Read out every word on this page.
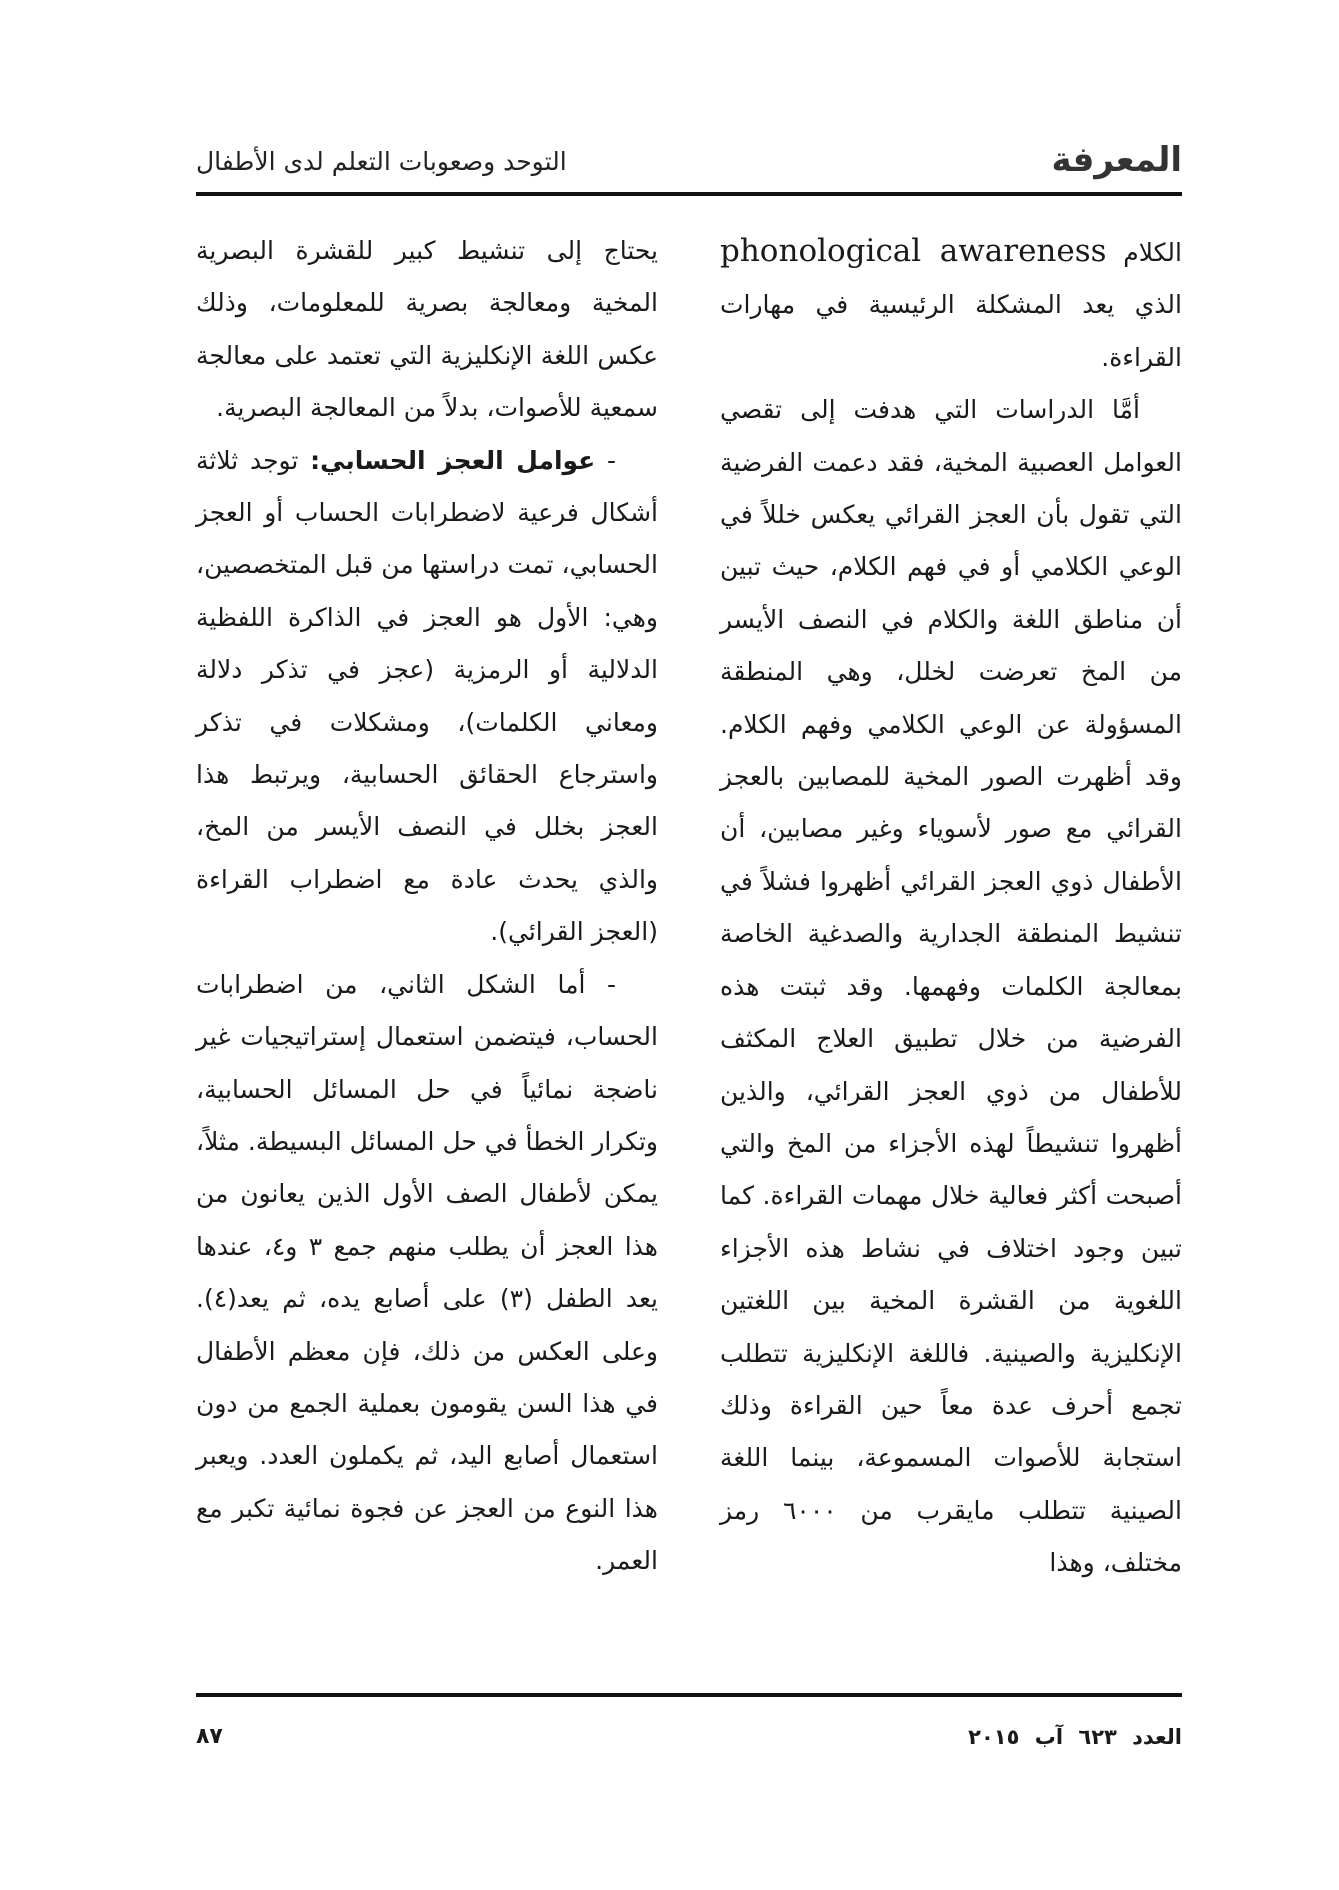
المعرفة
التوحد وصعوبات التعلم لدى الأطفال

الكلام phonological awareness الذي يعد المشكلة الرئيسية في مهارات القراءة.

أمَّا الدراسات التي هدفت إلى تقصي العوامل العصبية المخية، فقد دعمت الفرضية التي تقول بأن العجز القرائي يعكس خللاً في الوعي الكلامي أو في فهم الكلام، حيث تبين أن مناطق اللغة والكلام في النصف الأيسر من المخ تعرضت لخلل، وهي المنطقة المسؤولة عن الوعي الكلامي وفهم الكلام. وقد أظهرت الصور المخية للمصابين بالعجز القرائي مع صور لأسوياء وغير مصابين، أن الأطفال ذوي العجز القرائي أظهروا فشلاً في تنشيط المنطقة الجدارية والصدغية الخاصة بمعالجة الكلمات وفهمها. وقد ثبتت هذه الفرضية من خلال تطبيق العلاج المكثف للأطفال من ذوي العجز القرائي، والذين أظهروا تنشيطاً لهذه الأجزاء من المخ والتي أصبحت أكثر فعالية خلال مهمات القراءة. كما تبين وجود اختلاف في نشاط هذه الأجزاء اللغوية من القشرة المخية بين اللغتين الإنكليزية والصينية. فاللغة الإنكليزية تتطلب تجمع أحرف عدة معاً حين القراءة وذلك استجابة للأصوات المسموعة، بينما اللغة الصينية تتطلب مايقرب من ٦٠٠٠ رمز مختلف، وهذا

يحتاج إلى تنشيط كبير للقشرة البصرية المخية ومعالجة بصرية للمعلومات، وذلك عكس اللغة الإنكليزية التي تعتمد على معالجة سمعية للأصوات، بدلاً من المعالجة البصرية.

- عوامل العجز الحسابي: توجد ثلاثة أشكال فرعية لاضطرابات الحساب أو العجز الحسابي، تمت دراستها من قبل المتخصصين، وهي: الأول هو العجز في الذاكرة اللفظية الدلالية أو الرمزية (عجز في تذكر دلالة ومعاني الكلمات)، ومشكلات في تذكر واسترجاع الحقائق الحسابية، ويرتبط هذا العجز بخلل في النصف الأيسر من المخ، والذي يحدث عادة مع اضطراب القراءة (العجز القرائي).

- أما الشكل الثاني، من اضطرابات الحساب، فيتضمن استعمال إستراتيجيات غير ناضجة نمائياً في حل المسائل الحسابية، وتكرار الخطأ في حل المسائل البسيطة. مثلاً، يمكن لأطفال الصف الأول الذين يعانون من هذا العجز أن يطلب منهم جمع ٣ و٤، عندها يعد الطفل (٣) على أصابع يده، ثم يعد(٤). وعلى العكس من ذلك، فإن معظم الأطفال في هذا السن يقومون بعملية الجمع من دون استعمال أصابع اليد، ثم يكملون العدد. ويعبر هذا النوع من العجز عن فجوة نمائية تكبر مع العمر.

العدد ٦٢٣ آب ٢٠١٥
٨٧
